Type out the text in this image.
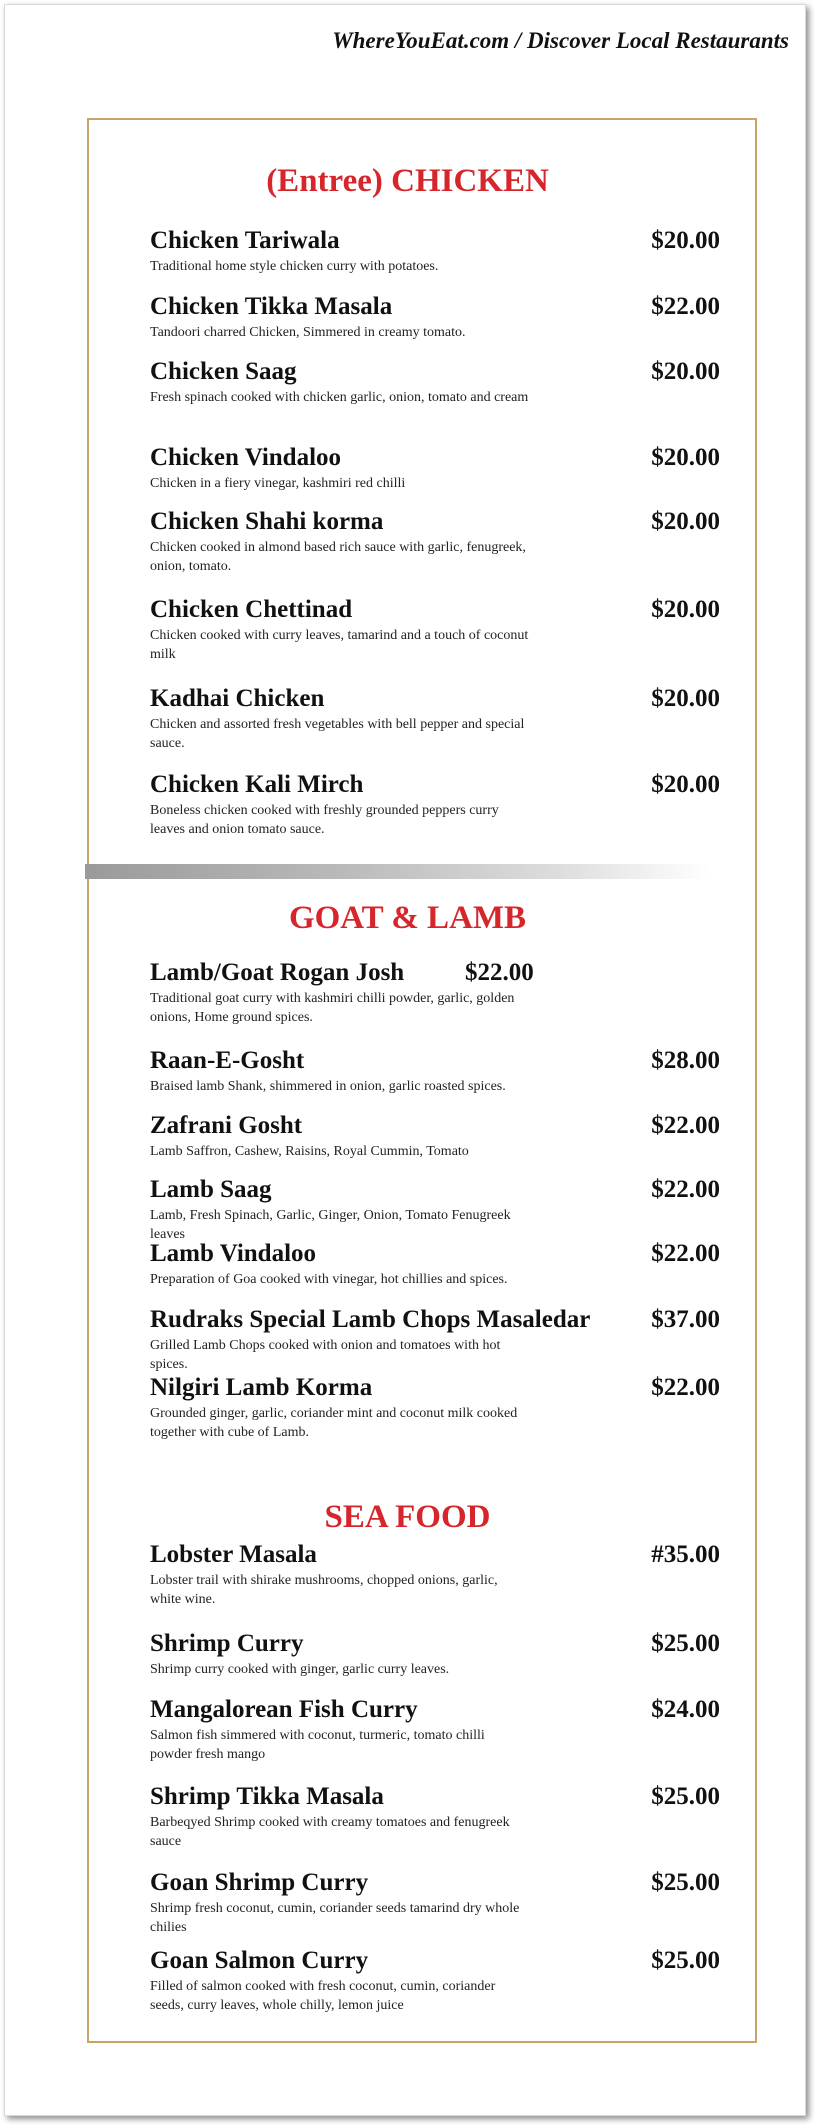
WhereYouEat.com / Discover Local Restaurants
(Entree) CHICKEN
Chicken Tariwala
Traditional home style chicken curry with potatoes.
$20.00
Chicken Tikka Masala
Tandoori charred Chicken, Simmered in creamy tomato.
$22.00
Chicken Saag
Fresh spinach cooked with chicken garlic, onion, tomato and cream
$20.00
Chicken Vindaloo
Chicken in a fiery vinegar, kashmiri red chilli
$20.00
Chicken Shahi korma
Chicken cooked in almond based rich sauce with garlic, fenugreek, onion, tomato.
$20.00
Chicken Chettinad
Chicken cooked with curry leaves, tamarind and a touch of coconut milk
$20.00
Kadhai Chicken
Chicken and assorted fresh vegetables with bell pepper and special sauce.
$20.00
Chicken Kali Mirch
Boneless chicken cooked with freshly grounded peppers curry leaves and onion tomato sauce.
$20.00
GOAT & LAMB
Lamb/Goat Rogan Josh
Traditional goat curry with kashmiri chilli powder, garlic, golden onions, Home ground spices.
$22.00
Raan-E-Gosht
Braised lamb Shank, shimmered in onion, garlic roasted spices.
$28.00
Zafrani Gosht
Lamb Saffron, Cashew, Raisins, Royal Cummin, Tomato
$22.00
Lamb Saag
Lamb, Fresh Spinach, Garlic, Ginger, Onion, Tomato Fenugreek leaves
$22.00
Lamb Vindaloo
Preparation of Goa cooked with vinegar, hot chillies and spices.
$22.00
Rudraks Special Lamb Chops Masaledar
Grilled Lamb Chops cooked with onion and tomatoes with hot spices.
$37.00
Nilgiri Lamb Korma
Grounded ginger, garlic, coriander mint and coconut milk cooked together with cube of Lamb.
$22.00
SEA FOOD
Lobster Masala
Lobster trail with shirake mushrooms, chopped onions, garlic, white wine.
#35.00
Shrimp Curry
Shrimp curry cooked with ginger, garlic curry leaves.
$25.00
Mangalorean Fish Curry
Salmon fish simmered with coconut, turmeric, tomato chilli powder fresh mango
$24.00
Shrimp Tikka Masala
Barbeqyed Shrimp cooked with creamy tomatoes and fenugreek sauce
$25.00
Goan Shrimp Curry
Shrimp fresh coconut, cumin, coriander seeds tamarind dry whole chilies
$25.00
Goan Salmon Curry
Filled of salmon cooked with fresh coconut, cumin, coriander seeds, curry leaves, whole chilly, lemon juice
$25.00
